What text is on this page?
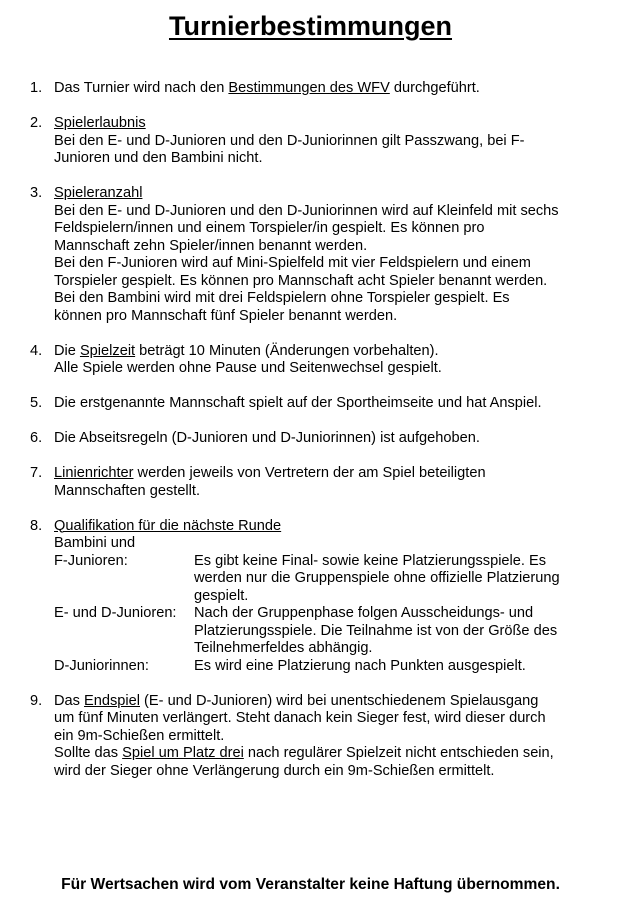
Turnierbestimmungen
1. Das Turnier wird nach den Bestimmungen des WFV durchgeführt.
2. Spielerlaubnis
Bei den E- und D-Junioren und den D-Juniorinnen gilt Passzwang, bei F-
Junioren und den Bambini nicht.
3. Spieleranzahl
Bei den E- und D-Junioren und den D-Juniorinnen wird auf Kleinfeld mit sechs
Feldspielern/innen und einem Torspieler/in gespielt. Es können pro
Mannschaft zehn Spieler/innen benannt werden.
Bei den F-Junioren wird auf Mini-Spielfeld mit vier Feldspielern und einem
Torspieler gespielt. Es können pro Mannschaft acht Spieler benannt werden.
Bei den Bambini wird mit drei Feldspielern ohne Torspieler gespielt. Es
können pro Mannschaft fünf Spieler benannt werden.
4. Die Spielzeit beträgt 10 Minuten (Änderungen vorbehalten).
Alle Spiele werden ohne Pause und Seitenwechsel gespielt.
5. Die erstgenannte Mannschaft spielt auf der Sportheimseite und hat Anspiel.
6. Die Abseitsregeln (D-Junioren und D-Juniorinnen) ist aufgehoben.
7. Linienrichter werden jeweils von Vertretern der am Spiel beteiligten
Mannschaften gestellt.
8. Qualifikation für die nächste Runde
Bambini und
F-Junioren:	Es gibt keine Final- sowie keine Platzierungsspiele. Es
werden nur die Gruppenspiele ohne offizielle Platzierung
gespielt.
E- und D-Junioren:	Nach der Gruppenphase folgen Ausscheidungs- und
Platzierungsspiele. Die Teilnahme ist von der Größe des
Teilnehmerfeldes abhängig.
D-Juniorinnen:	Es wird eine Platzierung nach Punkten ausgespielt.
9. Das Endspiel (E- und D-Junioren) wird bei unentschiedenem Spielausgang
um fünf Minuten verlängert. Steht danach kein Sieger fest, wird dieser durch
ein 9m-Schießen ermittelt.
Sollte das Spiel um Platz drei nach regulärer Spielzeit nicht entschieden sein,
wird der Sieger ohne Verlängerung durch ein 9m-Schießen ermittelt.
Für Wertsachen wird vom Veranstalter keine Haftung übernommen.
